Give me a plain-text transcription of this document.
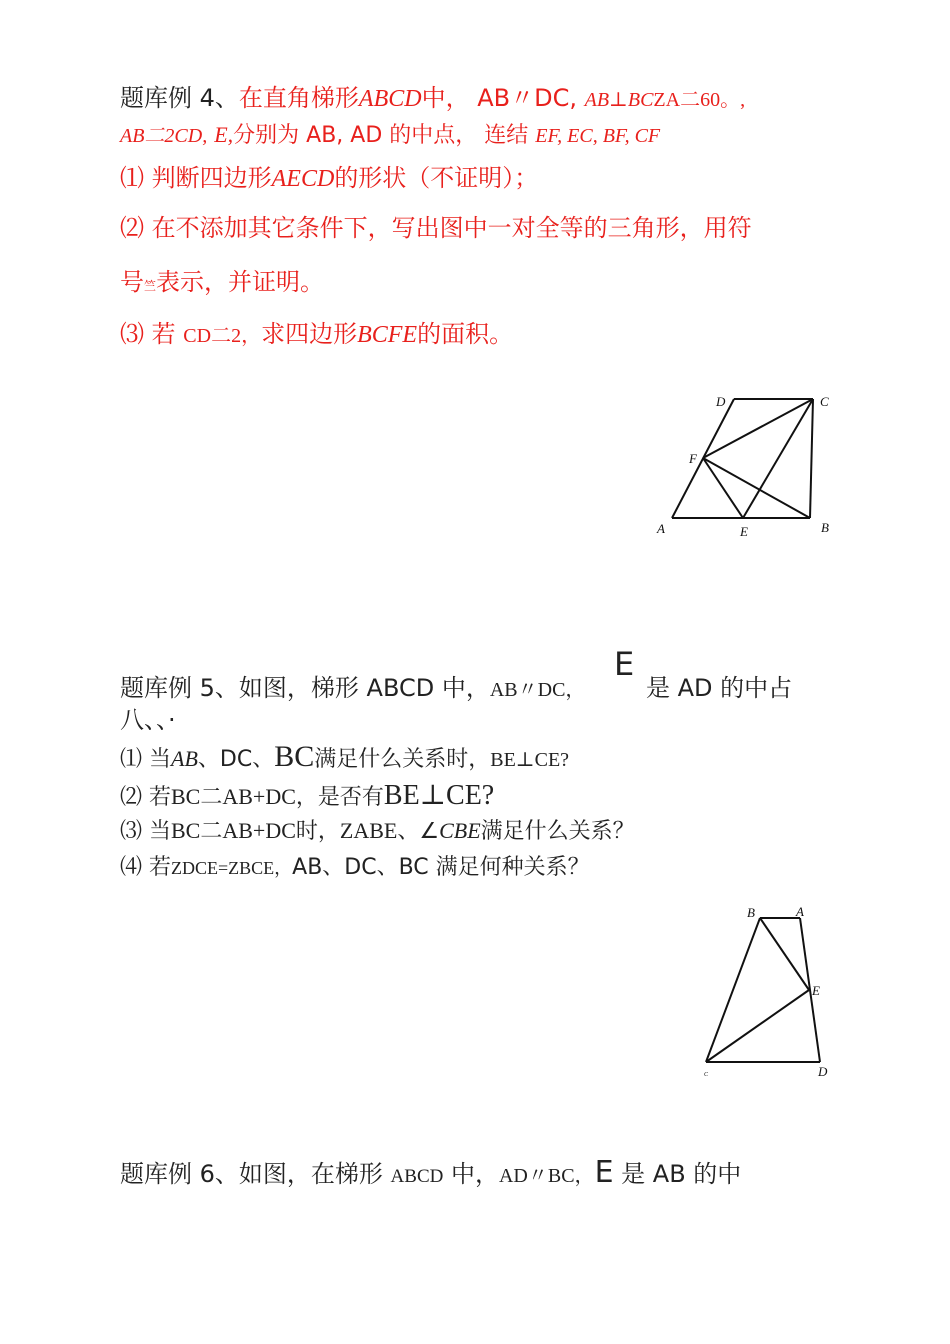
题库例 4、在直角梯形ABCD中， AB〃DC, AB⊥BCZA二60。,
AB二2CD, E,分别为 AB, AD 的中点， 连结 EF, EC, BF, CF
⑴ 判断四边形AECD的形状（不证明）；
⑵ 在不添加其它条件下，写出图中一对全等的三角形，用符
号竺表示，并证明。
⑶ 若 CD二2，求四边形BCFE的面积。
D	C
F
A	E	B
E
题库例 5、如图，梯形 ABCD 中，AB〃DC，	是 AD 的中占
八、、·
⑴ 当AB、DC、BC满足什么关系时，BE⊥CE?
⑵ 若BC二AB+DC，是否有BE⊥CE?
⑶ 当BC二AB+DC时，ZABE、∠CBE满足什么关系？
⑷ 若ZDCE=ZBCE，AB、DC、BC 满足何种关系？
B	A
E
D
C
题库例 6、如图，在梯形 ABCD 中，AD〃BC，E 是 AB 的中
